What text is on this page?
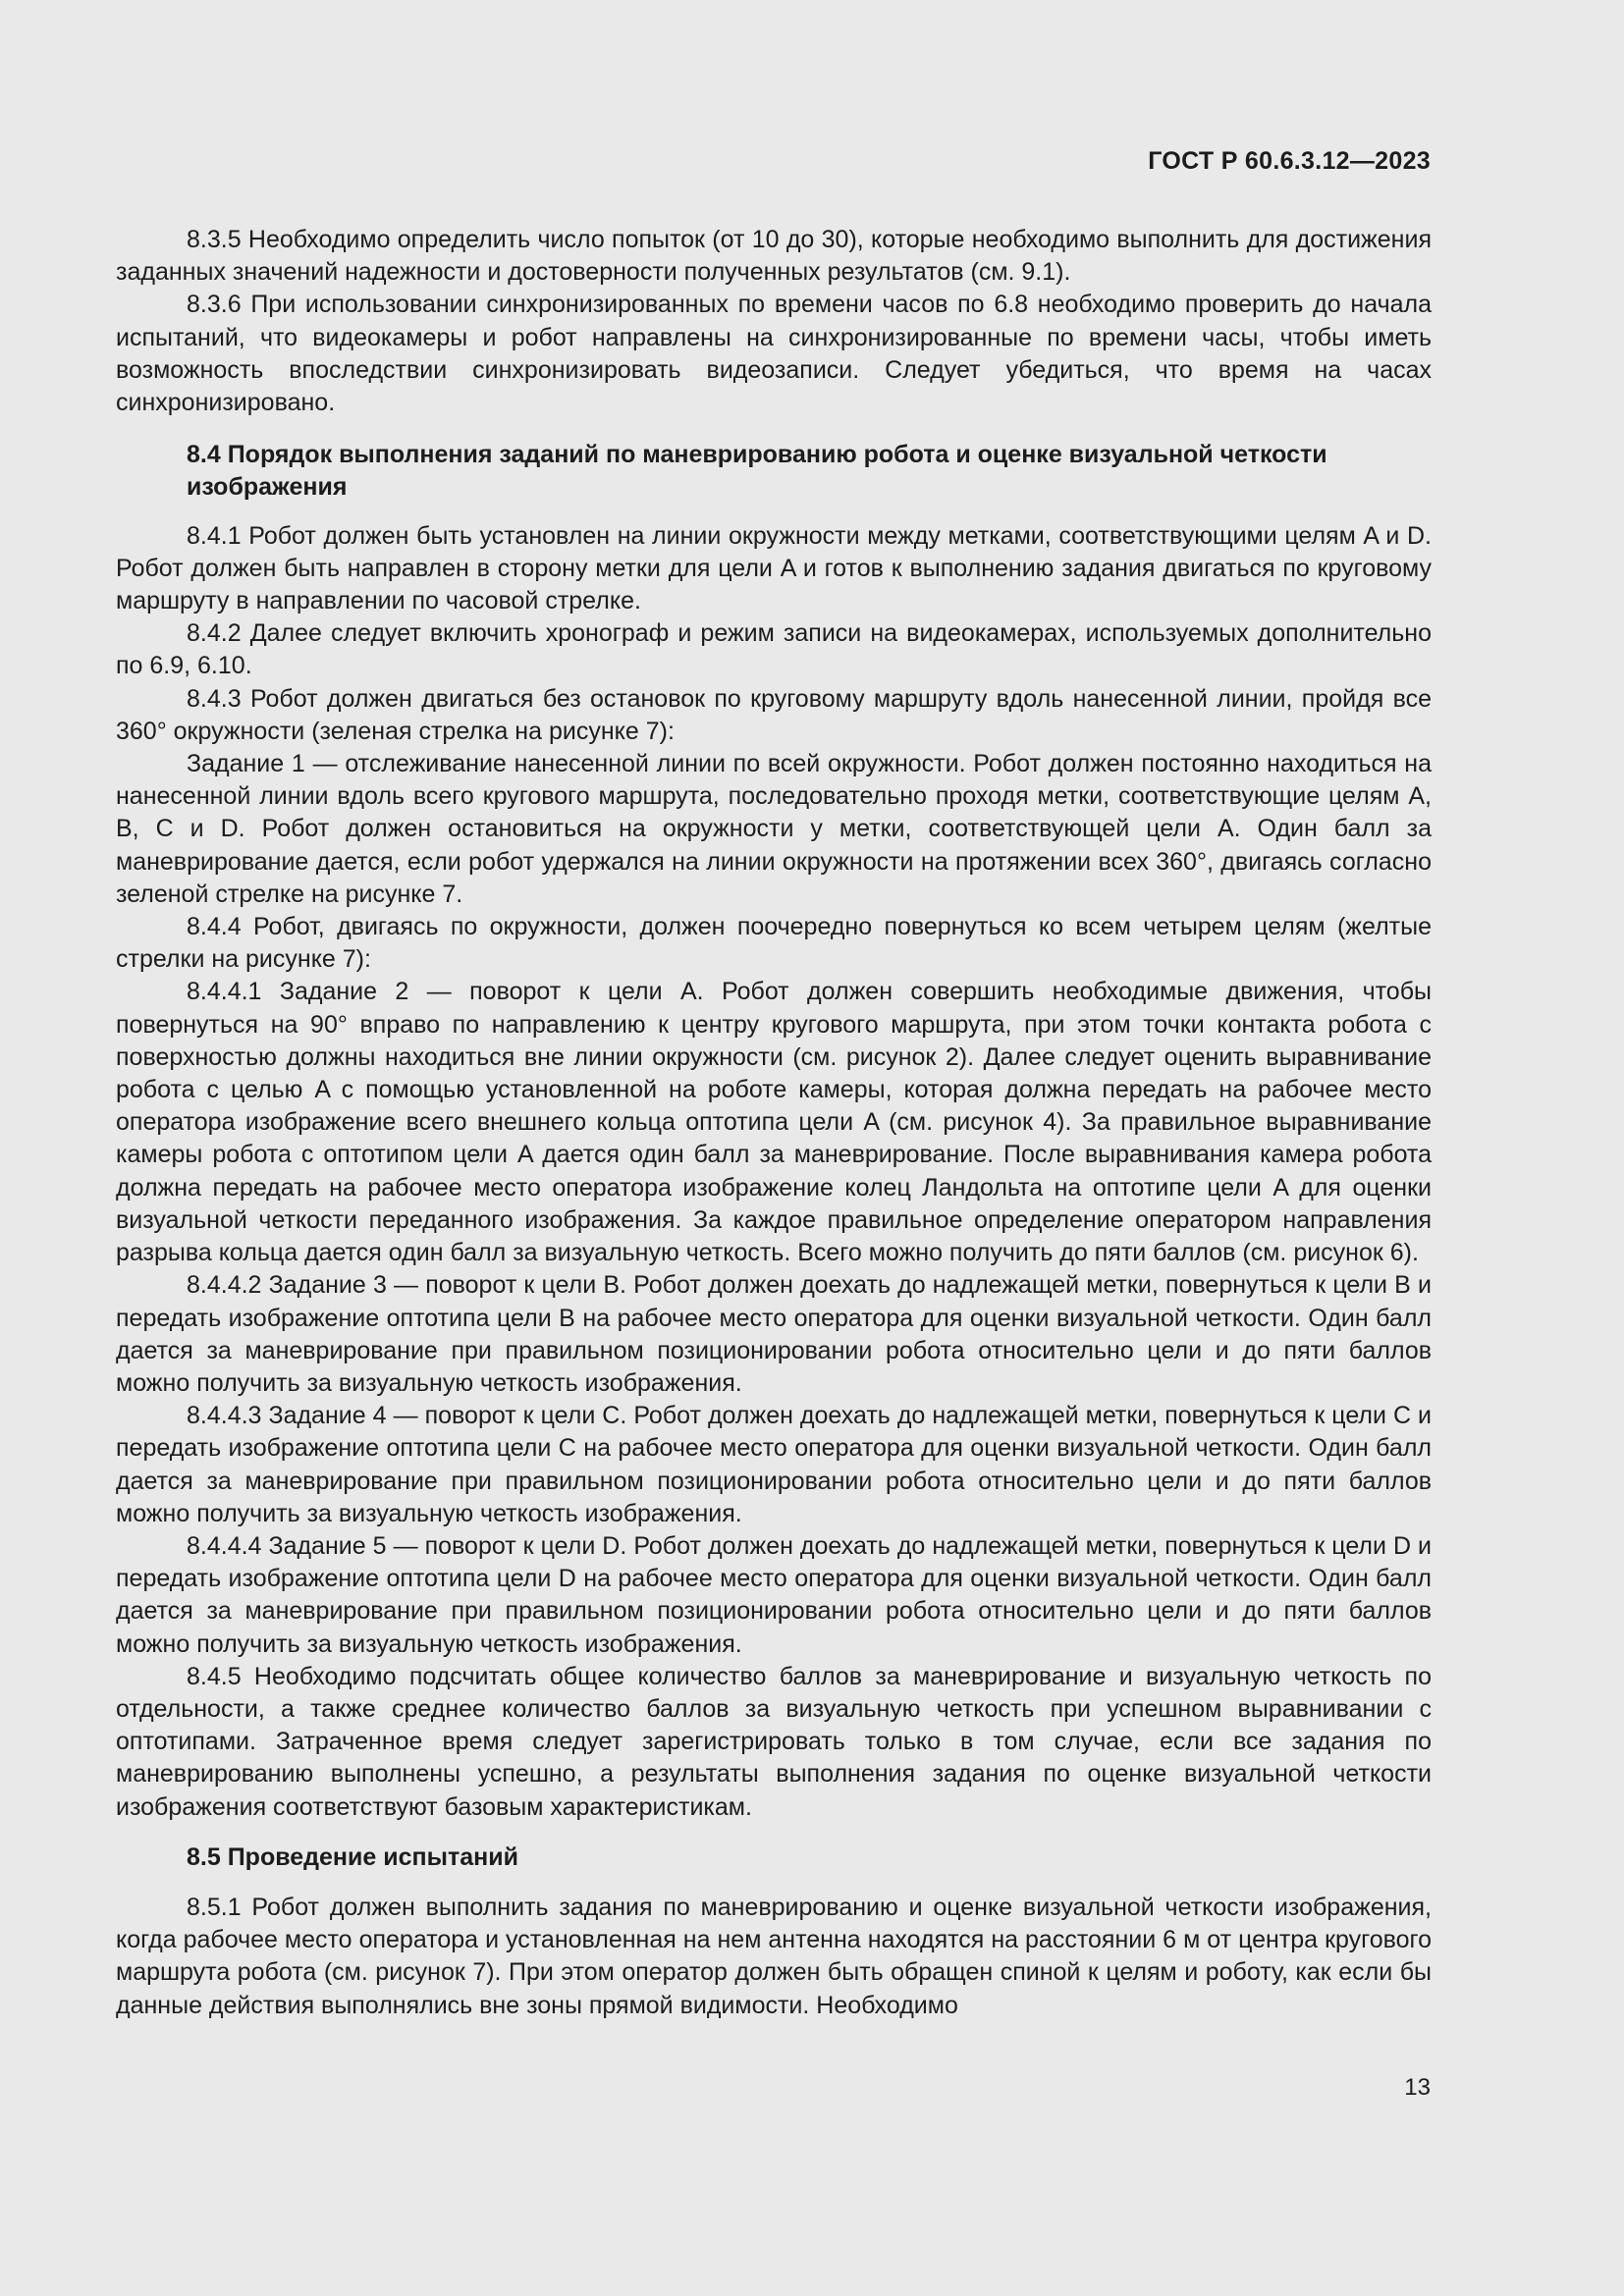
ГОСТ Р 60.6.3.12—2023

8.3.5 Необходимо определить число попыток (от 10 до 30), которые необходимо выполнить для достижения заданных значений надежности и достоверности полученных результатов (см. 9.1).

8.3.6 При использовании синхронизированных по времени часов по 6.8 необходимо проверить до начала испытаний, что видеокамеры и робот направлены на синхронизированные по времени часы, чтобы иметь возможность впоследствии синхронизировать видеозаписи. Следует убедиться, что время на часах синхронизировано.

8.4 Порядок выполнения заданий по маневрированию робота и оценке визуальной четкости изображения

8.4.1 Робот должен быть установлен на линии окружности между метками, соответствующими целям A и D. Робот должен быть направлен в сторону метки для цели A и готов к выполнению задания двигаться по круговому маршруту в направлении по часовой стрелке.

8.4.2 Далее следует включить хронограф и режим записи на видеокамерах, используемых дополнительно по 6.9, 6.10.

8.4.3 Робот должен двигаться без остановок по круговому маршруту вдоль нанесенной линии, пройдя все 360° окружности (зеленая стрелка на рисунке 7):

Задание 1 — отслеживание нанесенной линии по всей окружности. Робот должен постоянно находиться на нанесенной линии вдоль всего кругового маршрута, последовательно проходя метки, соответствующие целям A, B, C и D. Робот должен остановиться на окружности у метки, соответствующей цели A. Один балл за маневрирование дается, если робот удержался на линии окружности на протяжении всех 360°, двигаясь согласно зеленой стрелке на рисунке 7.

8.4.4 Робот, двигаясь по окружности, должен поочередно повернуться ко всем четырем целям (желтые стрелки на рисунке 7):

8.4.4.1 Задание 2 — поворот к цели A. Робот должен совершить необходимые движения, чтобы повернуться на 90° вправо по направлению к центру кругового маршрута, при этом точки контакта робота с поверхностью должны находиться вне линии окружности (см. рисунок 2). Далее следует оценить выравнивание робота с целью A с помощью установленной на роботе камеры, которая должна передать на рабочее место оператора изображение всего внешнего кольца оптотипа цели A (см. рисунок 4). За правильное выравнивание камеры робота с оптотипом цели A дается один балл за маневрирование. После выравнивания камера робота должна передать на рабочее место оператора изображение колец Ландольта на оптотипе цели A для оценки визуальной четкости переданного изображения. За каждое правильное определение оператором направления разрыва кольца дается один балл за визуальную четкость. Всего можно получить до пяти баллов (см. рисунок 6).

8.4.4.2 Задание 3 — поворот к цели B. Робот должен доехать до надлежащей метки, повернуться к цели B и передать изображение оптотипа цели B на рабочее место оператора для оценки визуальной четкости. Один балл дается за маневрирование при правильном позиционировании робота относительно цели и до пяти баллов можно получить за визуальную четкость изображения.

8.4.4.3 Задание 4 — поворот к цели C. Робот должен доехать до надлежащей метки, повернуться к цели C и передать изображение оптотипа цели C на рабочее место оператора для оценки визуальной четкости. Один балл дается за маневрирование при правильном позиционировании робота относительно цели и до пяти баллов можно получить за визуальную четкость изображения.

8.4.4.4 Задание 5 — поворот к цели D. Робот должен доехать до надлежащей метки, повернуться к цели D и передать изображение оптотипа цели D на рабочее место оператора для оценки визуальной четкости. Один балл дается за маневрирование при правильном позиционировании робота относительно цели и до пяти баллов можно получить за визуальную четкость изображения.

8.4.5 Необходимо подсчитать общее количество баллов за маневрирование и визуальную четкость по отдельности, а также среднее количество баллов за визуальную четкость при успешном выравнивании с оптотипами. Затраченное время следует зарегистрировать только в том случае, если все задания по маневрированию выполнены успешно, а результаты выполнения задания по оценке визуальной четкости изображения соответствуют базовым характеристикам.

8.5 Проведение испытаний

8.5.1 Робот должен выполнить задания по маневрированию и оценке визуальной четкости изображения, когда рабочее место оператора и установленная на нем антенна находятся на расстоянии 6 м от центра кругового маршрута робота (см. рисунок 7). При этом оператор должен быть обращен спиной к целям и роботу, как если бы данные действия выполнялись вне зоны прямой видимости. Необходимо

13
